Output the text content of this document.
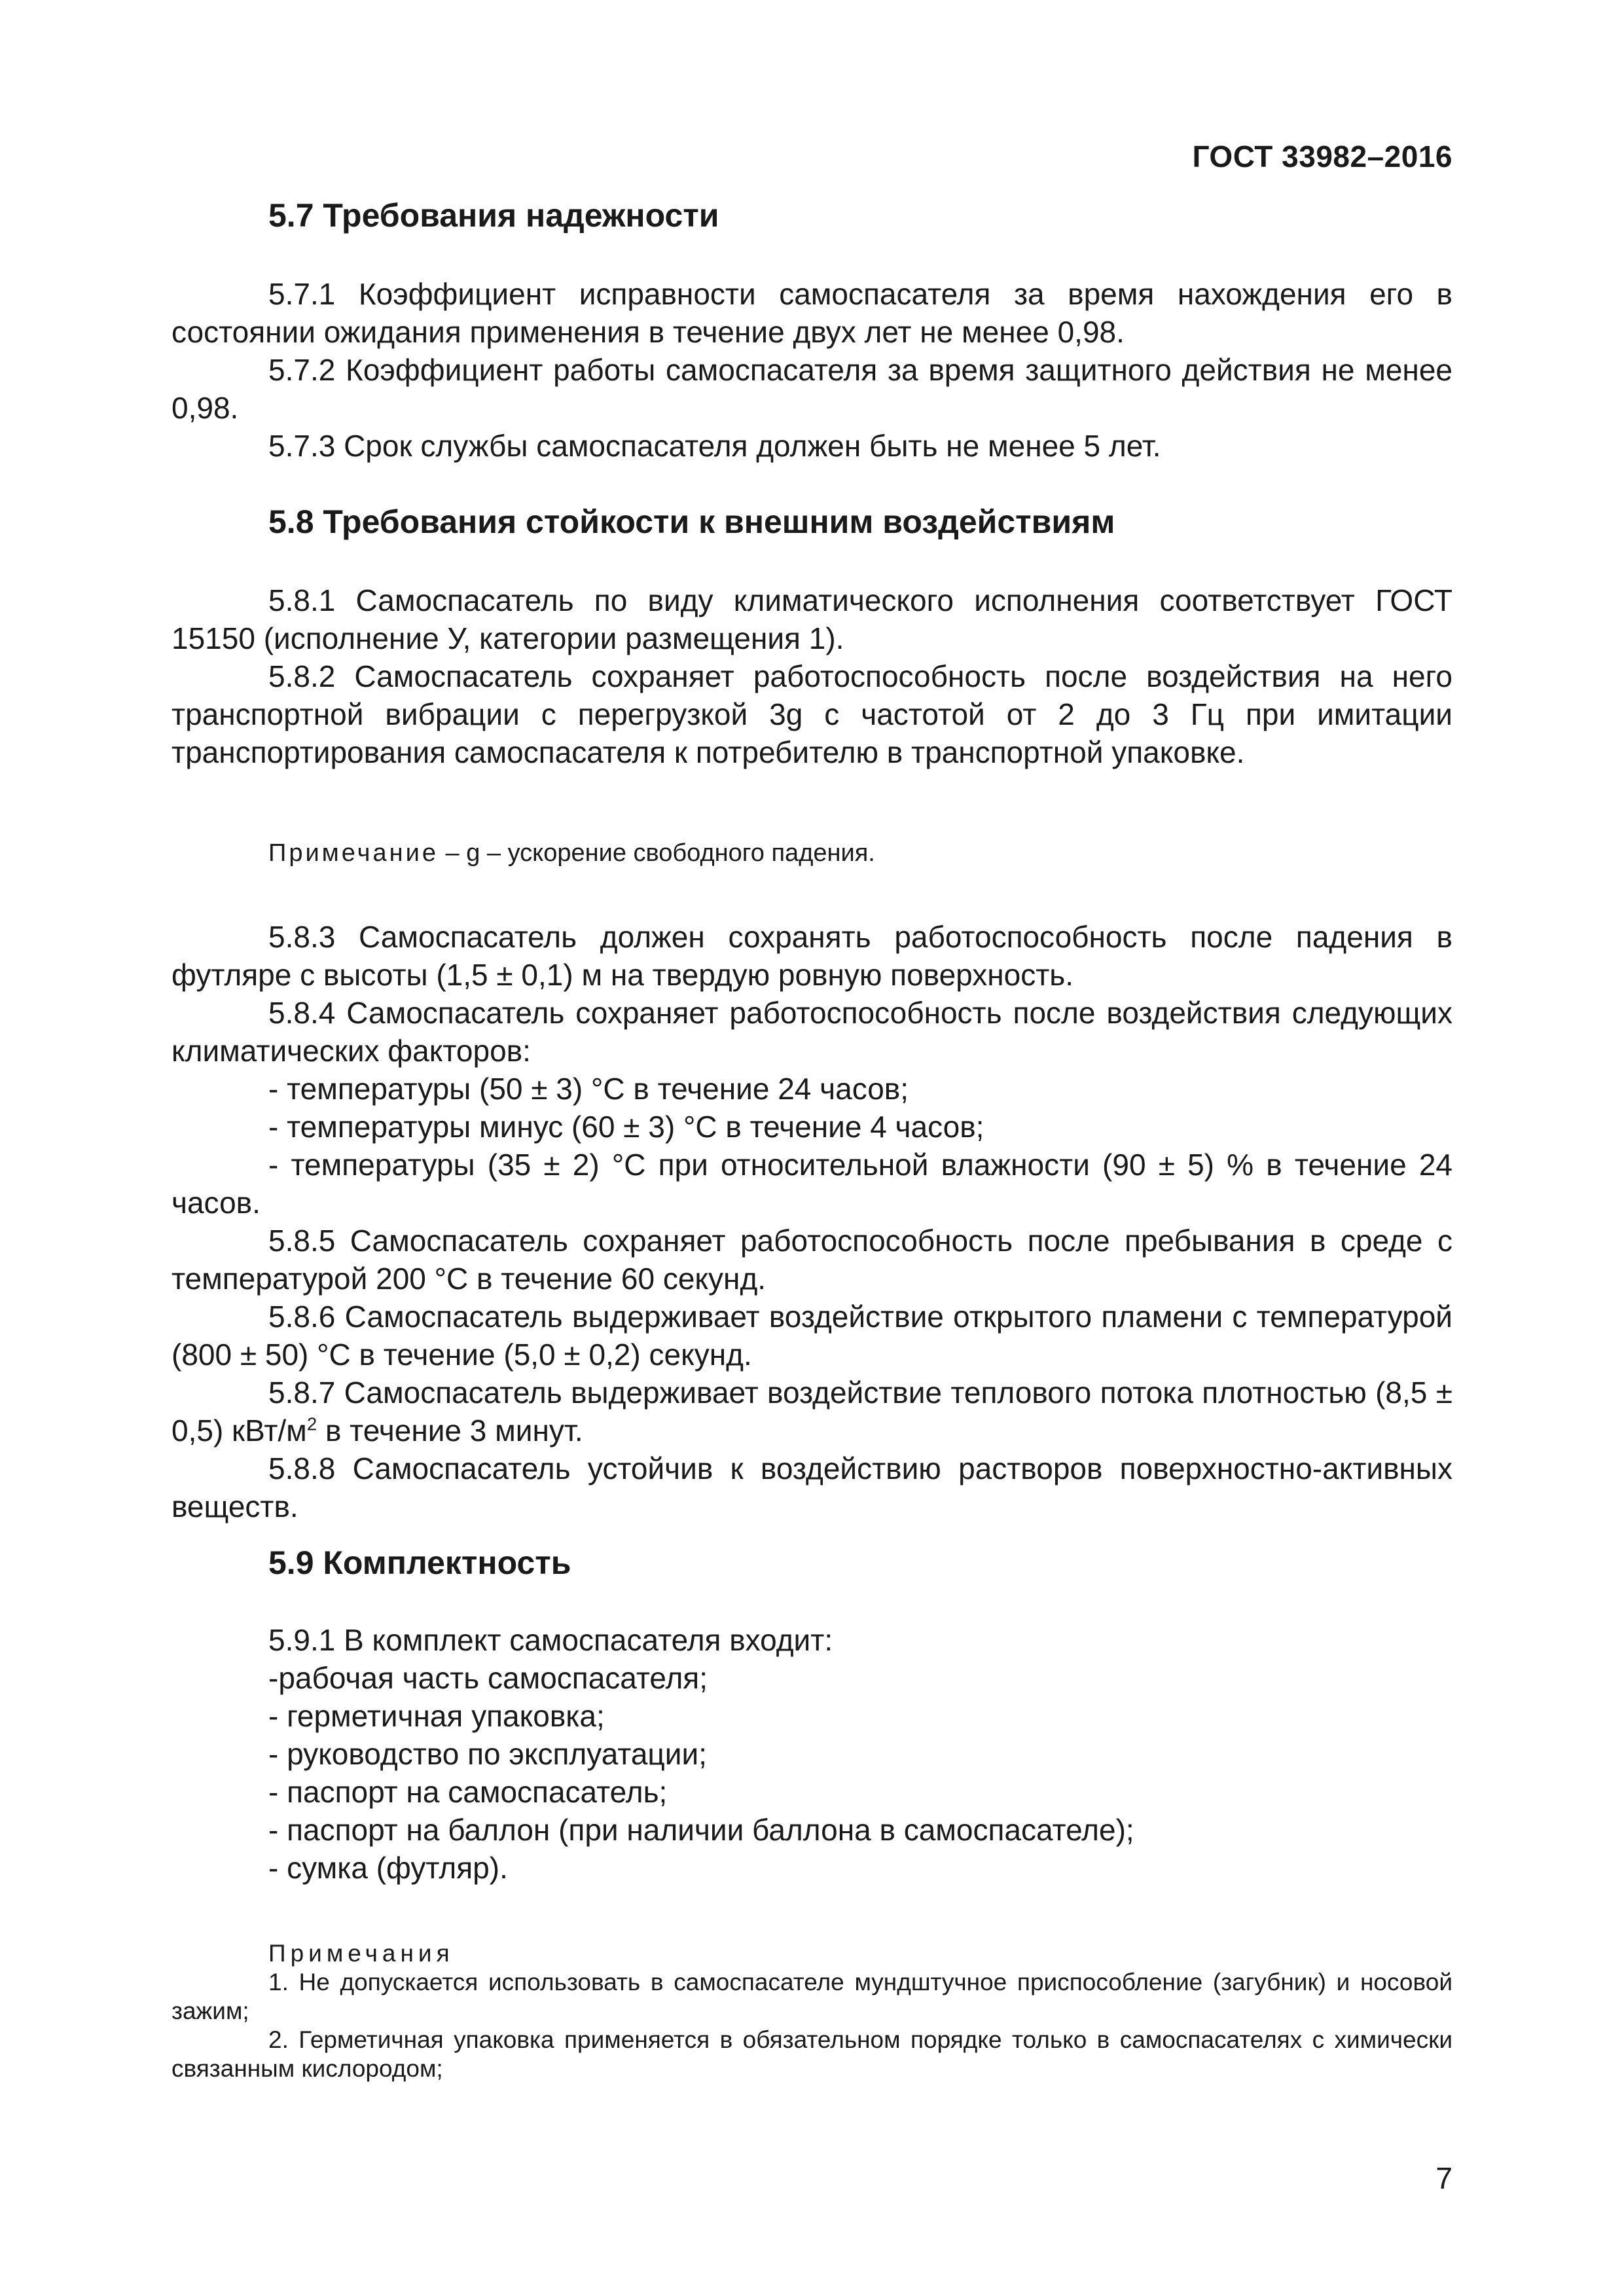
ГОСТ 33982–2016
5.7 Требования надежности

5.7.1 Коэффициент исправности самоспасателя за время нахождения его в состоянии ожидания применения в течение двух лет не менее 0,98.

5.7.2 Коэффициент работы самоспасателя за время защитного действия не менее 0,98.

5.7.3 Срок службы самоспасателя должен быть не менее 5 лет.

5.8 Требования стойкости к внешним воздействиям

5.8.1 Самоспасатель по виду климатического исполнения соответствует ГОСТ 15150 (исполнение У, категории размещения 1).

5.8.2 Самоспасатель сохраняет работоспособность после воздействия на него транспортной вибрации с перегрузкой 3g с частотой от 2 до 3 Гц при имитации транспортирования самоспасателя к потребителю в транспортной упаковке.

Примечание – g – ускорение свободного падения.

5.8.3 Самоспасатель должен сохранять работоспособность после падения в футляре с высоты (1,5 ± 0,1) м на твердую ровную поверхность.

5.8.4 Самоспасатель сохраняет работоспособность после воздействия следующих климатических факторов:

- температуры (50 ± 3) °С в течение 24 часов;

- температуры минус (60 ± 3) °С в течение 4 часов;

- температуры (35 ± 2) °С при относительной влажности (90 ± 5) % в течение 24 часов.

5.8.5 Самоспасатель сохраняет работоспособность после пребывания в среде с температурой 200 °С в течение 60 секунд.

5.8.6 Самоспасатель выдерживает воздействие открытого пламени с температурой (800 ± 50) °С в течение (5,0 ± 0,2) секунд.

5.8.7 Самоспасатель выдерживает воздействие теплового потока плотностью (8,5 ± 0,5) кВт/$м^2$ в течение 3 минут.

5.8.8 Самоспасатель устойчив к воздействию растворов поверхностно-активных веществ.

5.9 Комплектность

5.9.1 В комплект самоспасателя входит:

-рабочая часть самоспасателя;

- герметичная упаковка;

- руководство по эксплуатации;

- паспорт на самоспасатель;

- паспорт на баллон (при наличии баллона в самоспасателе);

- сумка (футляр).

Примечания

1. Не допускается использовать в самоспасателе мундштучное приспособление (загубник) и носовой зажим;

2. Герметичная упаковка применяется в обязательном порядке только в самоспасателях с химически связанным кислородом;

7
